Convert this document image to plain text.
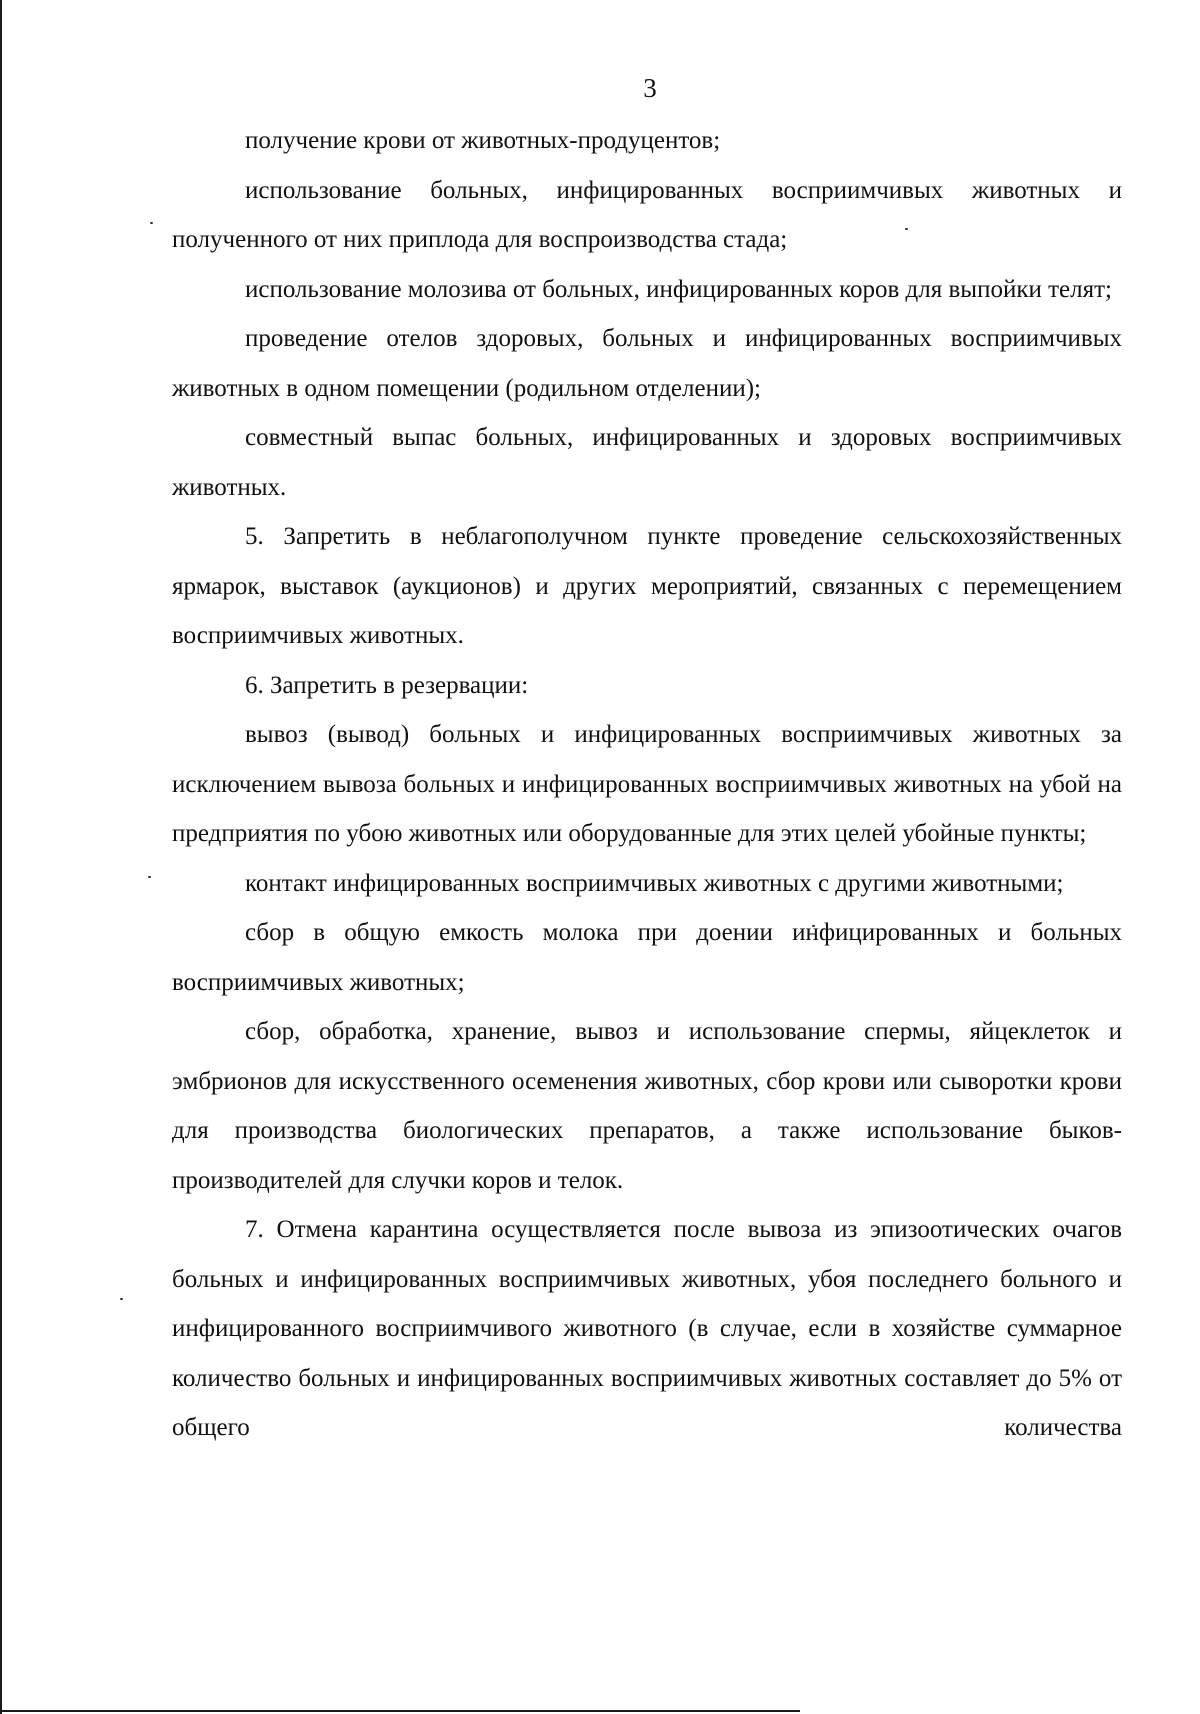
3

получение крови от животных-продуцентов;

использование больных, инфицированных восприимчивых животных и полученного от них приплода для воспроизводства стада;

использование молозива от больных, инфицированных коров для выпойки телят;

проведение отелов здоровых, больных и инфицированных восприимчивых животных в одном помещении (родильном отделении);

совместный выпас больных, инфицированных и здоровых восприимчивых животных.

5. Запретить в неблагополучном пункте проведение сельскохозяйственных ярмарок, выставок (аукционов) и других мероприятий, связанных с перемещением восприимчивых животных.

6. Запретить в резервации:

вывоз (вывод) больных и инфицированных восприимчивых животных за исключением вывоза больных и инфицированных восприимчивых животных на убой на предприятия по убою животных или оборудованные для этих целей убойные пункты;

контакт инфицированных восприимчивых животных с другими животными;

сбор в общую емкость молока при доении инфицированных и больных восприимчивых животных;

сбор, обработка, хранение, вывоз и использование спермы, яйцеклеток и эмбрионов для искусственного осеменения животных, сбор крови или сыворотки крови для производства биологических препаратов, а также использование быков-производителей для случки коров и телок.

7. Отмена карантина осуществляется после вывоза из эпизоотических очагов больных и инфицированных восприимчивых животных, убоя последнего больного и инфицированного восприимчивого животного (в случае, если в хозяйстве суммарное количество больных и инфицированных восприимчивых животных составляет до 5% от общего количества
